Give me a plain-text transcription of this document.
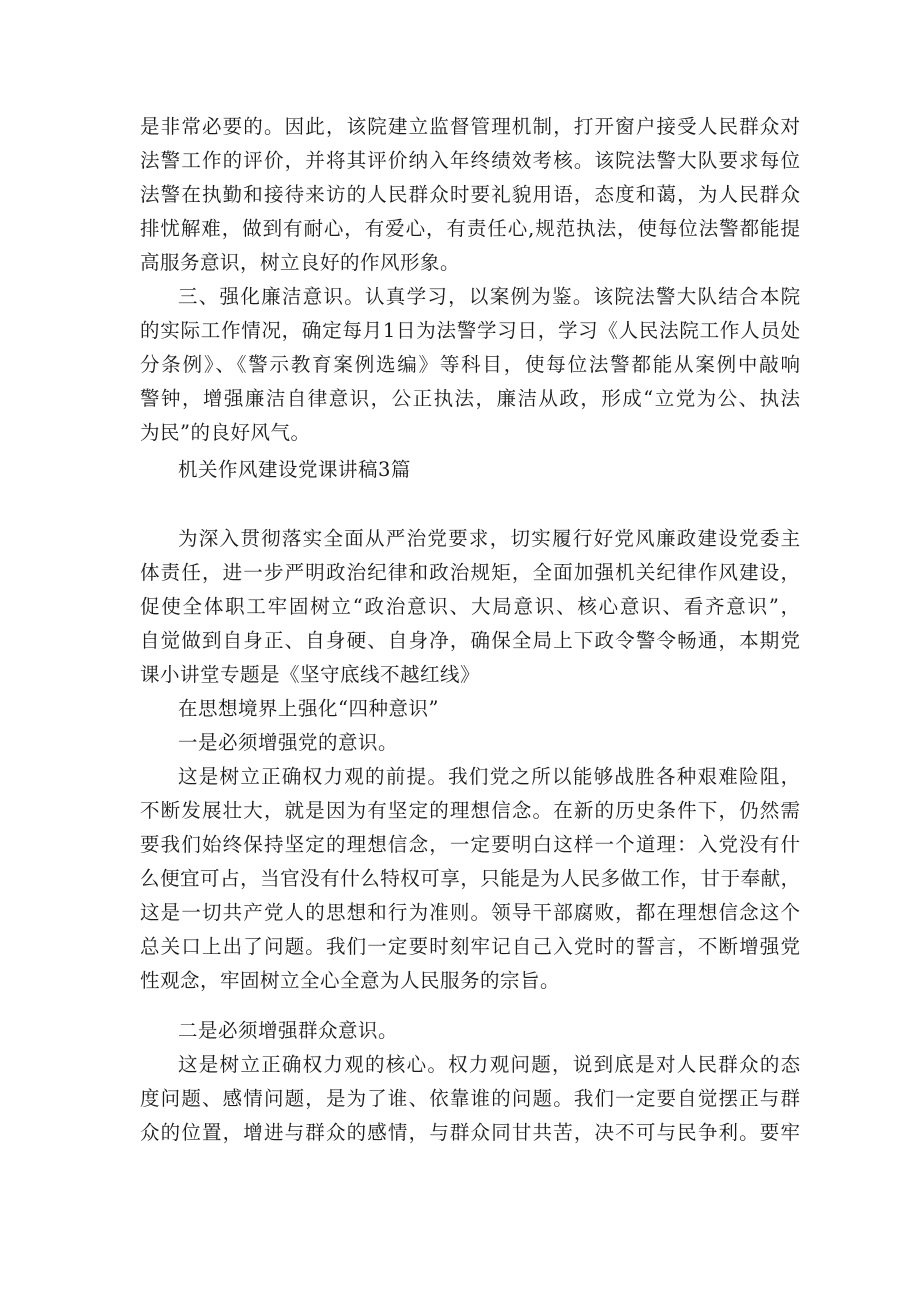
是非常必要的。因此，该院建立监督管理机制，打开窗户接受人民群众对
法警工作的评价，并将其评价纳入年终绩效考核。该院法警大队要求每位
法警在执勤和接待来访的人民群众时要礼貌用语，态度和蔼，为人民群众
排忧解难，做到有耐心，有爱心，有责任心,规范执法，使每位法警都能提
高服务意识，树立良好的作风形象。
三、强化廉洁意识。认真学习，以案例为鉴。该院法警大队结合本院
的实际工作情况，确定每月1日为法警学习日，学习《人民法院工作人员处
分条例》、《警示教育案例选编》等科目，使每位法警都能从案例中敲响
警钟，增强廉洁自律意识，公正执法，廉洁从政，形成“立党为公、执法
为民”的良好风气。
机关作风建设党课讲稿3篇
为深入贯彻落实全面从严治党要求，切实履行好党风廉政建设党委主
体责任，进一步严明政治纪律和政治规矩，全面加强机关纪律作风建设，
促使全体职工牢固树立“政治意识、大局意识、核心意识、看齐意识”，
自觉做到自身正、自身硬、自身净，确保全局上下政令警令畅通，本期党
课小讲堂专题是《坚守底线不越红线》
在思想境界上强化“四种意识”
一是必须增强党的意识。
这是树立正确权力观的前提。我们党之所以能够战胜各种艰难险阻，
不断发展壮大，就是因为有坚定的理想信念。在新的历史条件下，仍然需
要我们始终保持坚定的理想信念，一定要明白这样一个道理：入党没有什
么便宜可占，当官没有什么特权可享，只能是为人民多做工作，甘于奉献，
这是一切共产党人的思想和行为准则。领导干部腐败，都在理想信念这个
总关口上出了问题。我们一定要时刻牢记自己入党时的誓言，不断增强党
性观念，牢固树立全心全意为人民服务的宗旨。
二是必须增强群众意识。
这是树立正确权力观的核心。权力观问题，说到底是对人民群众的态
度问题、感情问题，是为了谁、依靠谁的问题。我们一定要自觉摆正与群
众的位置，增进与群众的感情，与群众同甘共苦，决不可与民争利。要牢
